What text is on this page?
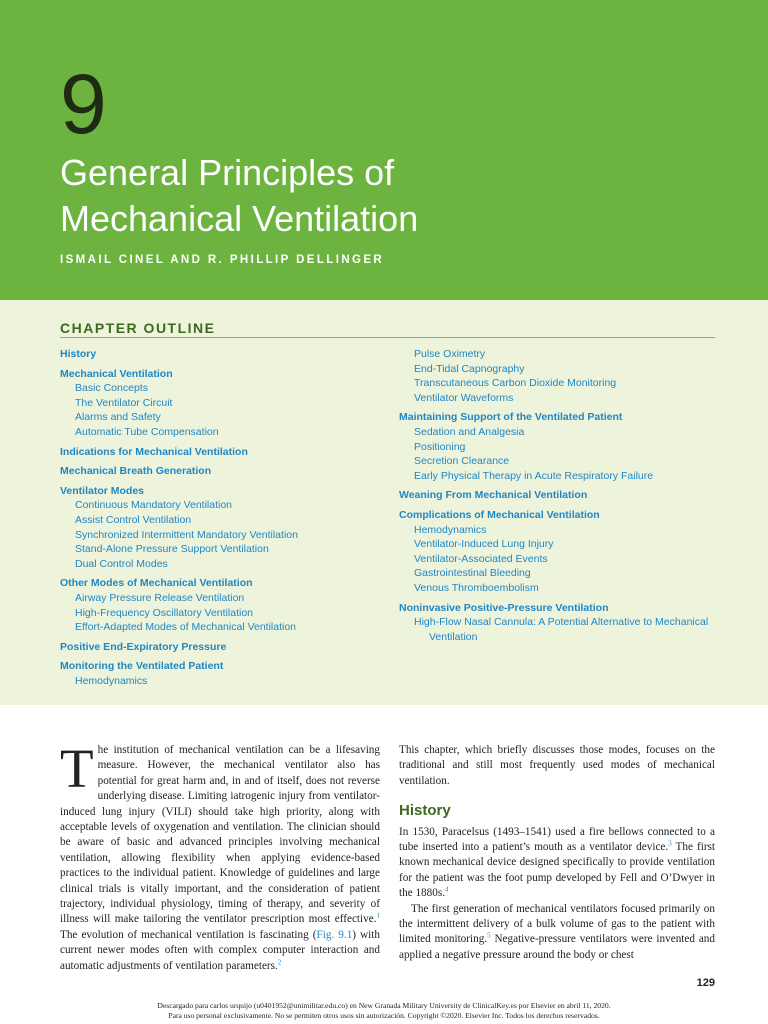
9
General Principles of
Mechanical Ventilation
ISMAIL CINEL AND R. PHILLIP DELLINGER
CHAPTER OUTLINE
History
Mechanical Ventilation
Basic Concepts
The Ventilator Circuit
Alarms and Safety
Automatic Tube Compensation
Indications for Mechanical Ventilation
Mechanical Breath Generation
Ventilator Modes
Continuous Mandatory Ventilation
Assist Control Ventilation
Synchronized Intermittent Mandatory Ventilation
Stand-Alone Pressure Support Ventilation
Dual Control Modes
Other Modes of Mechanical Ventilation
Airway Pressure Release Ventilation
High-Frequency Oscillatory Ventilation
Effort-Adapted Modes of Mechanical Ventilation
Positive End-Expiratory Pressure
Monitoring the Ventilated Patient
Hemodynamics
Pulse Oximetry
End-Tidal Capnography
Transcutaneous Carbon Dioxide Monitoring
Ventilator Waveforms
Maintaining Support of the Ventilated Patient
Sedation and Analgesia
Positioning
Secretion Clearance
Early Physical Therapy in Acute Respiratory Failure
Weaning From Mechanical Ventilation
Complications of Mechanical Ventilation
Hemodynamics
Ventilator-Induced Lung Injury
Ventilator-Associated Events
Gastrointestinal Bleeding
Venous Thromboembolism
Noninvasive Positive-Pressure Ventilation
High-Flow Nasal Cannula: A Potential Alternative to Mechanical Ventilation

The institution of mechanical ventilation can be a lifesaving measure. However, the mechanical ventilator also has potential for great harm and, in and of itself, does not reverse underlying disease. Limiting iatrogenic injury from ventilator-induced lung injury (VILI) should take high priority, along with acceptable levels of oxygenation and ventilation. The clinician should be aware of basic and advanced principles involving mechanical ventilation, allowing flexibility when applying evidence-based practices to the individual patient. Knowledge of guidelines and large clinical trials is vitally important, and the consideration of patient trajectory, individual physiology, timing of therapy, and severity of illness will make tailoring the ventilator prescription most effective.$^1$ The evolution of mechanical ventilation is fascinating (Fig. 9.1) with current newer modes often with complex computer interaction and automatic adjustments of ventilation parameters.$^2$

This chapter, which briefly discusses those modes, focuses on the traditional and still most frequently used modes of mechanical ventilation.

History

In 1530, Paracelsus (1493–1541) used a fire bellows connected to a tube inserted into a patient’s mouth as a ventilator device.$^3$ The first known mechanical device designed specifically to provide ventilation for the patient was the foot pump developed by Fell and O’Dwyer in the 1880s.$^4$

The first generation of mechanical ventilators focused primarily on the intermittent delivery of a bulk volume of gas to the patient with limited monitoring.$^5$ Negative-pressure ventilators were invented and applied a negative pressure around the body or chest

129
Descargado para carlos urquijo (u0401952@unimilitar.edu.co) en New Granada Military University de ClinicalKey.es por Elsevier en abril 11, 2020.
Para uso personal exclusivamente. No se permiten otros usos sin autorización. Copyright ©2020. Elsevier Inc. Todos los derechos reservados.
